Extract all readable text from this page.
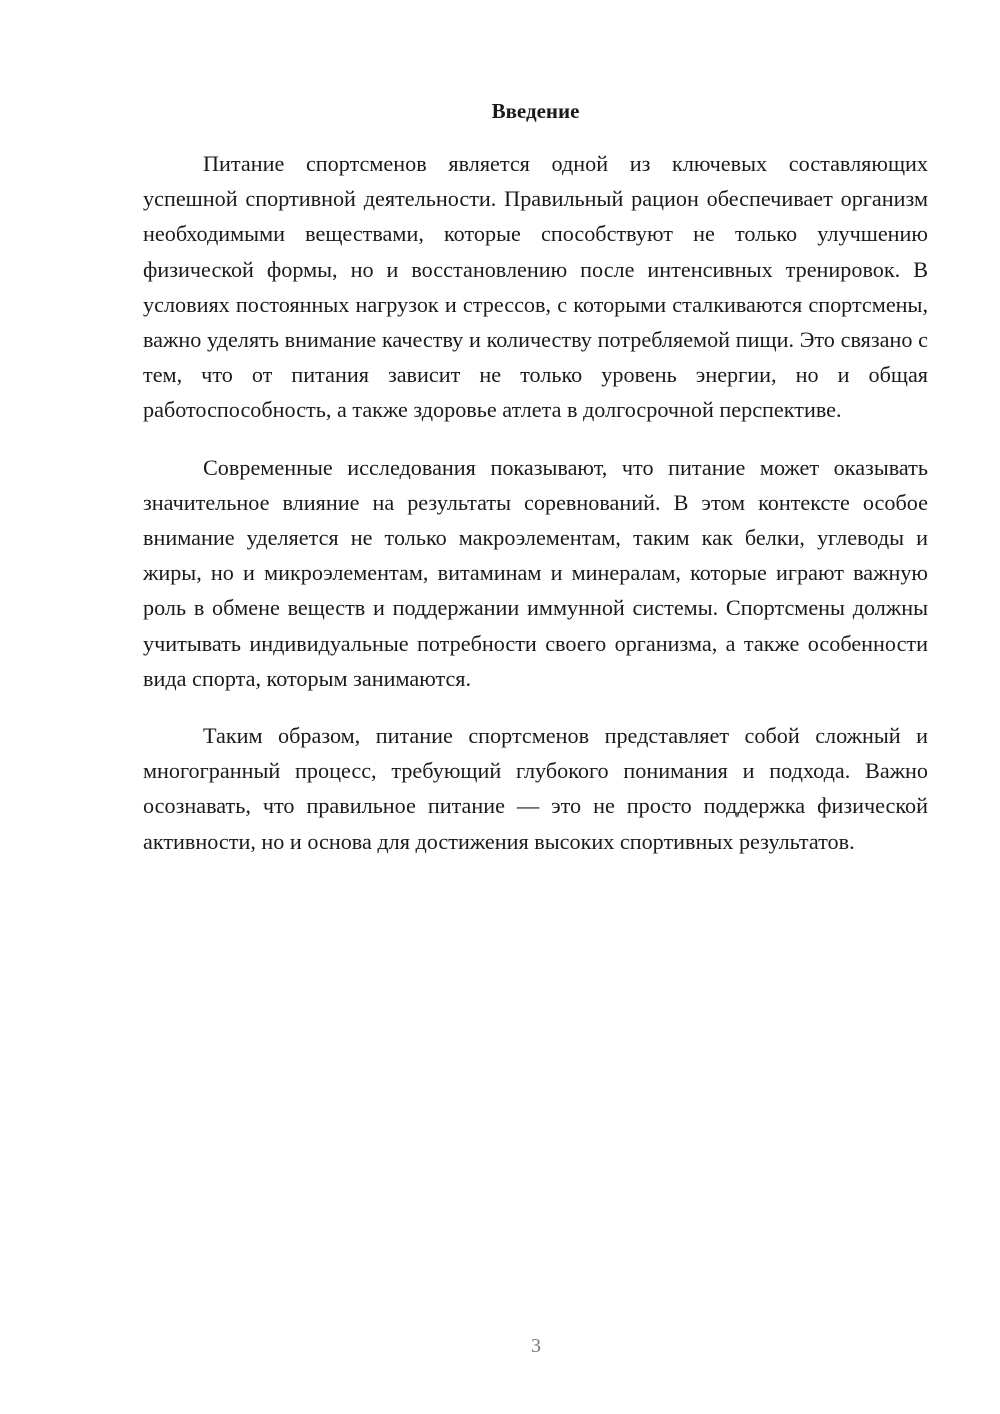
Введение

Питание спортсменов является одной из ключевых составляющих успешной спортивной деятельности. Правильный рацион обеспечивает организм необходимыми веществами, которые способствуют не только улучшению физической формы, но и восстановлению после интенсивных тренировок. В условиях постоянных нагрузок и стрессов, с которыми сталкиваются спортсмены, важно уделять внимание качеству и количеству потребляемой пищи. Это связано с тем, что от питания зависит не только уровень энергии, но и общая работоспособность, а также здоровье атлета в долгосрочной перспективе.

Современные исследования показывают, что питание может оказывать значительное влияние на результаты соревнований. В этом контексте особое внимание уделяется не только макроэлементам, таким как белки, углеводы и жиры, но и микроэлементам, витаминам и минералам, которые играют важную роль в обмене веществ и поддержании иммунной системы. Спортсмены должны учитывать индивидуальные потребности своего организма, а также особенности вида спорта, которым занимаются.

Таким образом, питание спортсменов представляет собой сложный и многогранный процесс, требующий глубокого понимания и подхода. Важно осознавать, что правильное питание — это не просто поддержка физической активности, но и основа для достижения высоких спортивных результатов.

3
